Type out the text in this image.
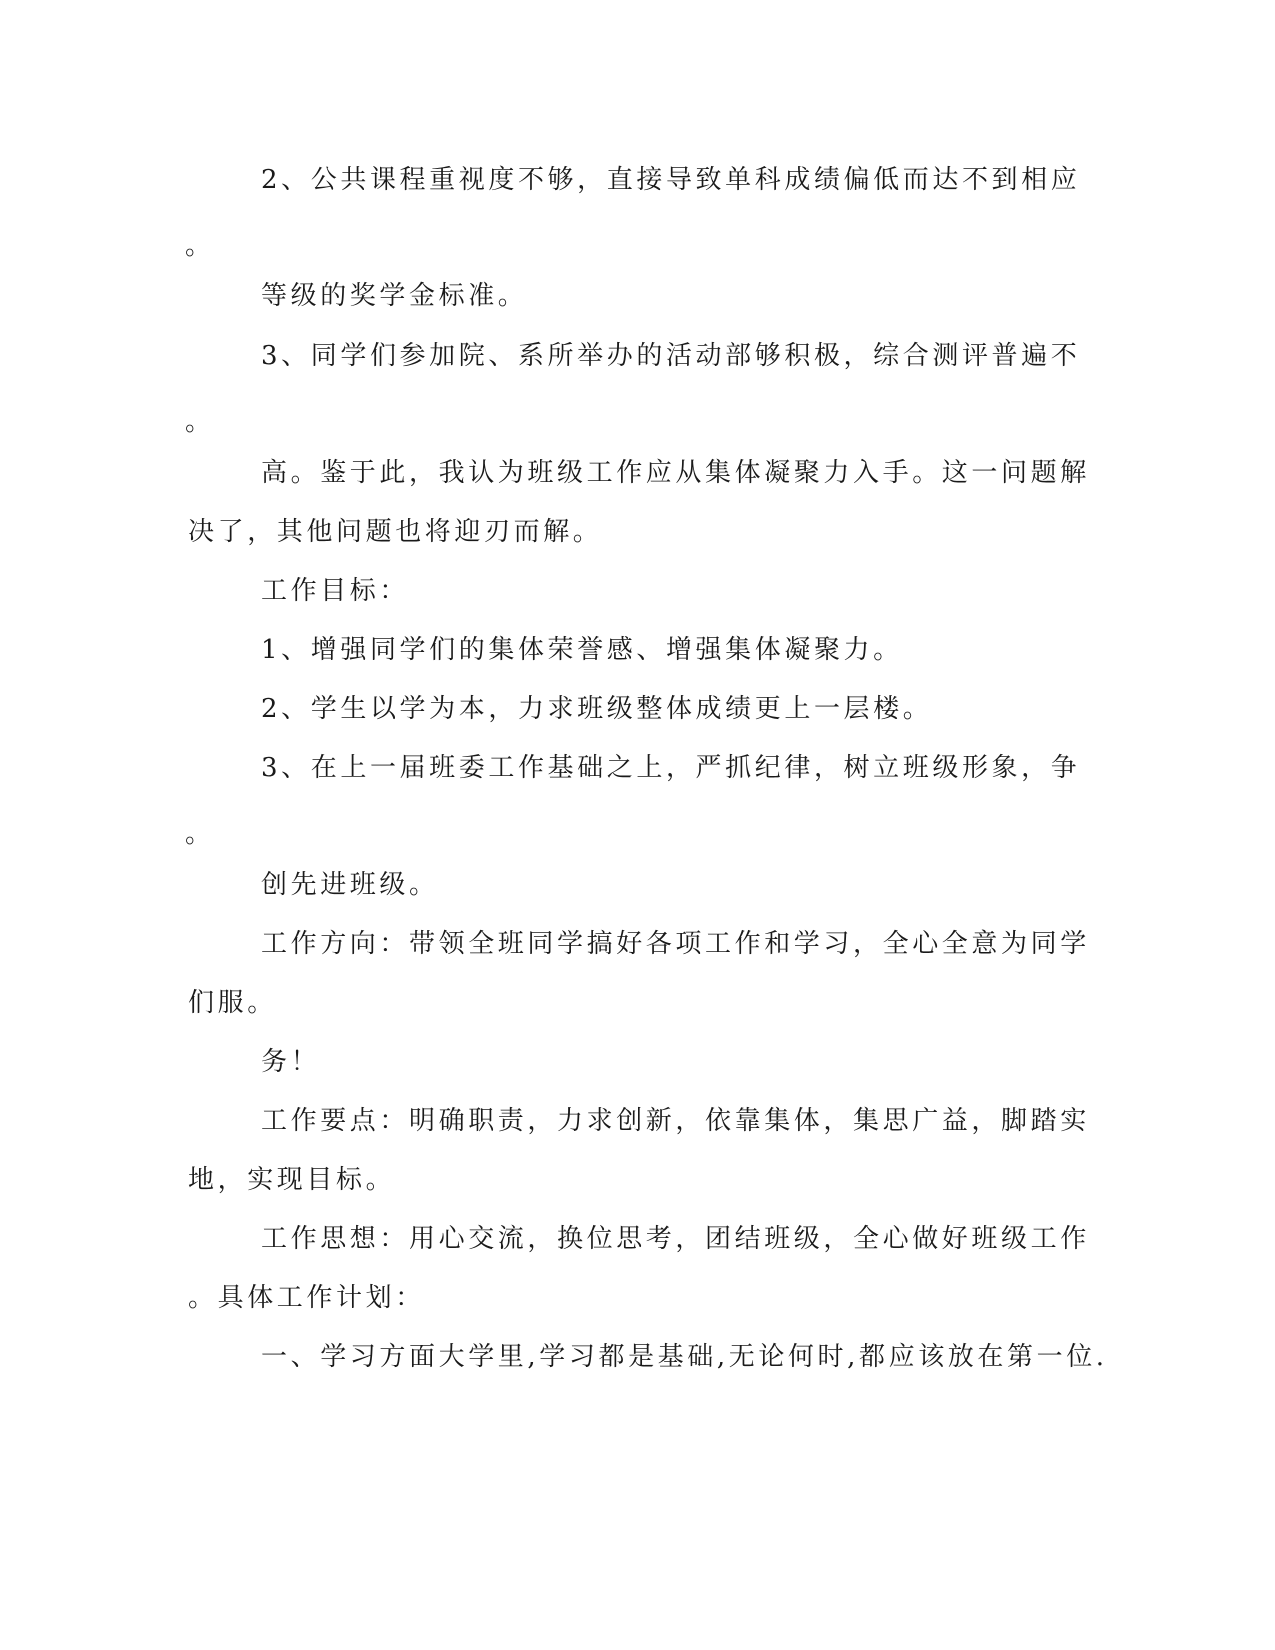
2、公共课程重视度不够，直接导致单科成绩偏低而达不到相应

。

等级的奖学金标准。

3、同学们参加院、系所举办的活动部够积极，综合测评普遍不

。

高。鉴于此，我认为班级工作应从集体凝聚力入手。这一问题解

决了，其他问题也将迎刃而解。

工作目标：

1、增强同学们的集体荣誉感、增强集体凝聚力。

2、学生以学为本，力求班级整体成绩更上一层楼。

3、在上一届班委工作基础之上，严抓纪律，树立班级形象，争

。

创先进班级。

工作方向：带领全班同学搞好各项工作和学习，全心全意为同学

们服。

务！

工作要点：明确职责，力求创新，依靠集体，集思广益，脚踏实

地，实现目标。

工作思想：用心交流，换位思考，团结班级，全心做好班级工作

。具体工作计划：

一、学习方面大学里,学习都是基础,无论何时,都应该放在第一位.
